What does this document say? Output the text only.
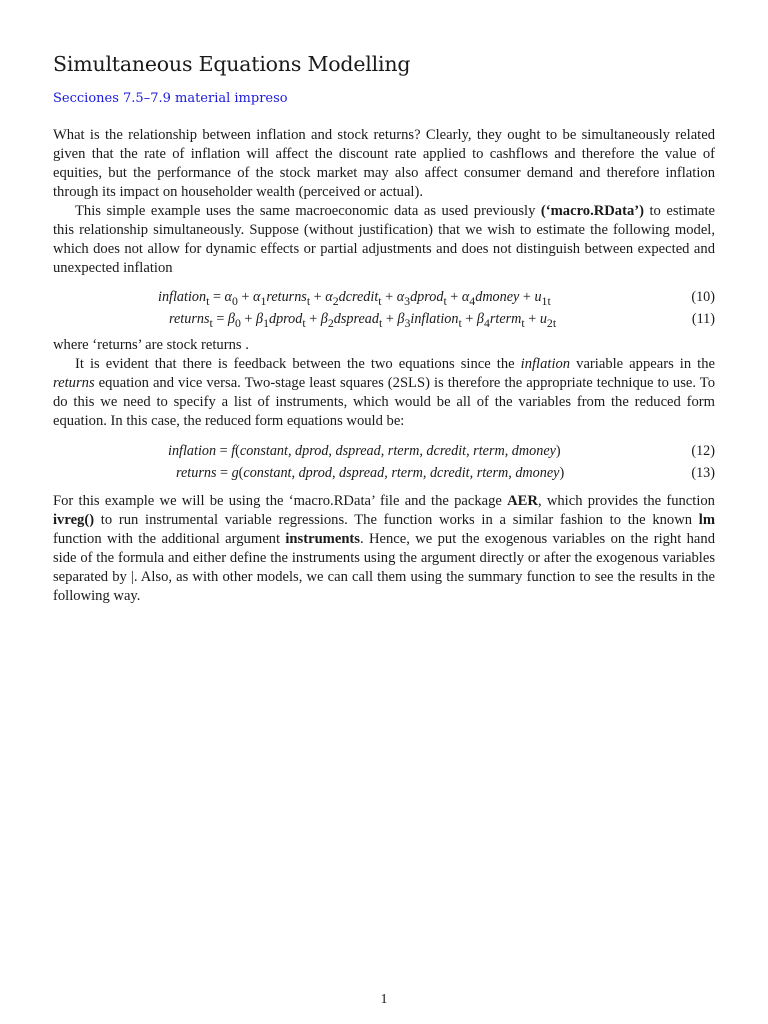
Simultaneous Equations Modelling
Secciones 7.5–7.9 material impreso

What is the relationship between inflation and stock returns? Clearly, they ought to be simultaneously related given that the rate of inflation will affect the discount rate applied to cashflows and therefore the value of equities, but the performance of the stock market may also affect consumer demand and therefore inflation through its impact on householder wealth (perceived or actual).

This simple example uses the same macroeconomic data as used previously (‘macro.RData’) to estimate this relationship simultaneously. Suppose (without justification) that we wish to estimate the following model, which does not allow for dynamic effects or partial adjustments and does not distinguish between expected and unexpected inflation

inflation$_t$ = $\alpha_0$ + $\alpha_1returns_t$ + $\alpha_2dcredit_t$ + $\alpha_3dprod_t$ + $\alpha_4dmoney + u_{1t}$	(10)
returns$_t$ = $\beta_0$ + $\beta_1dprod_t$ + $\beta_2dspread_t$ + $\beta_3inflation_t$ + $\beta_4rterm_t + u_{2t}$	(11)

where ‘returns’ are stock returns .

It is evident that there is feedback between the two equations since the inflation variable appears in the returns equation and vice versa. Two-stage least squares (2SLS) is therefore the appropriate technique to use. To do this we need to specify a list of instruments, which would be all of the variables from the reduced form equation. In this case, the reduced form equations would be:

inflation = f(constant, dprod, dspread, rterm, dcredit, rterm, dmoney)	(12)
returns = g(constant, dprod, dspread, rterm, dcredit, rterm, dmoney)	(13)

For this example we will be using the ‘macro.RData’ file and the package AER, which provides the function ivreg() to run instrumental variable regressions. The function works in a similar fashion to the known lm function with the additional argument instruments. Hence, we put the exogenous variables on the right hand side of the formula and either define the instruments using the argument directly or after the exogenous variables separated by |. Also, as with other models, we can call them using the summary function to see the results in the following way.

1
